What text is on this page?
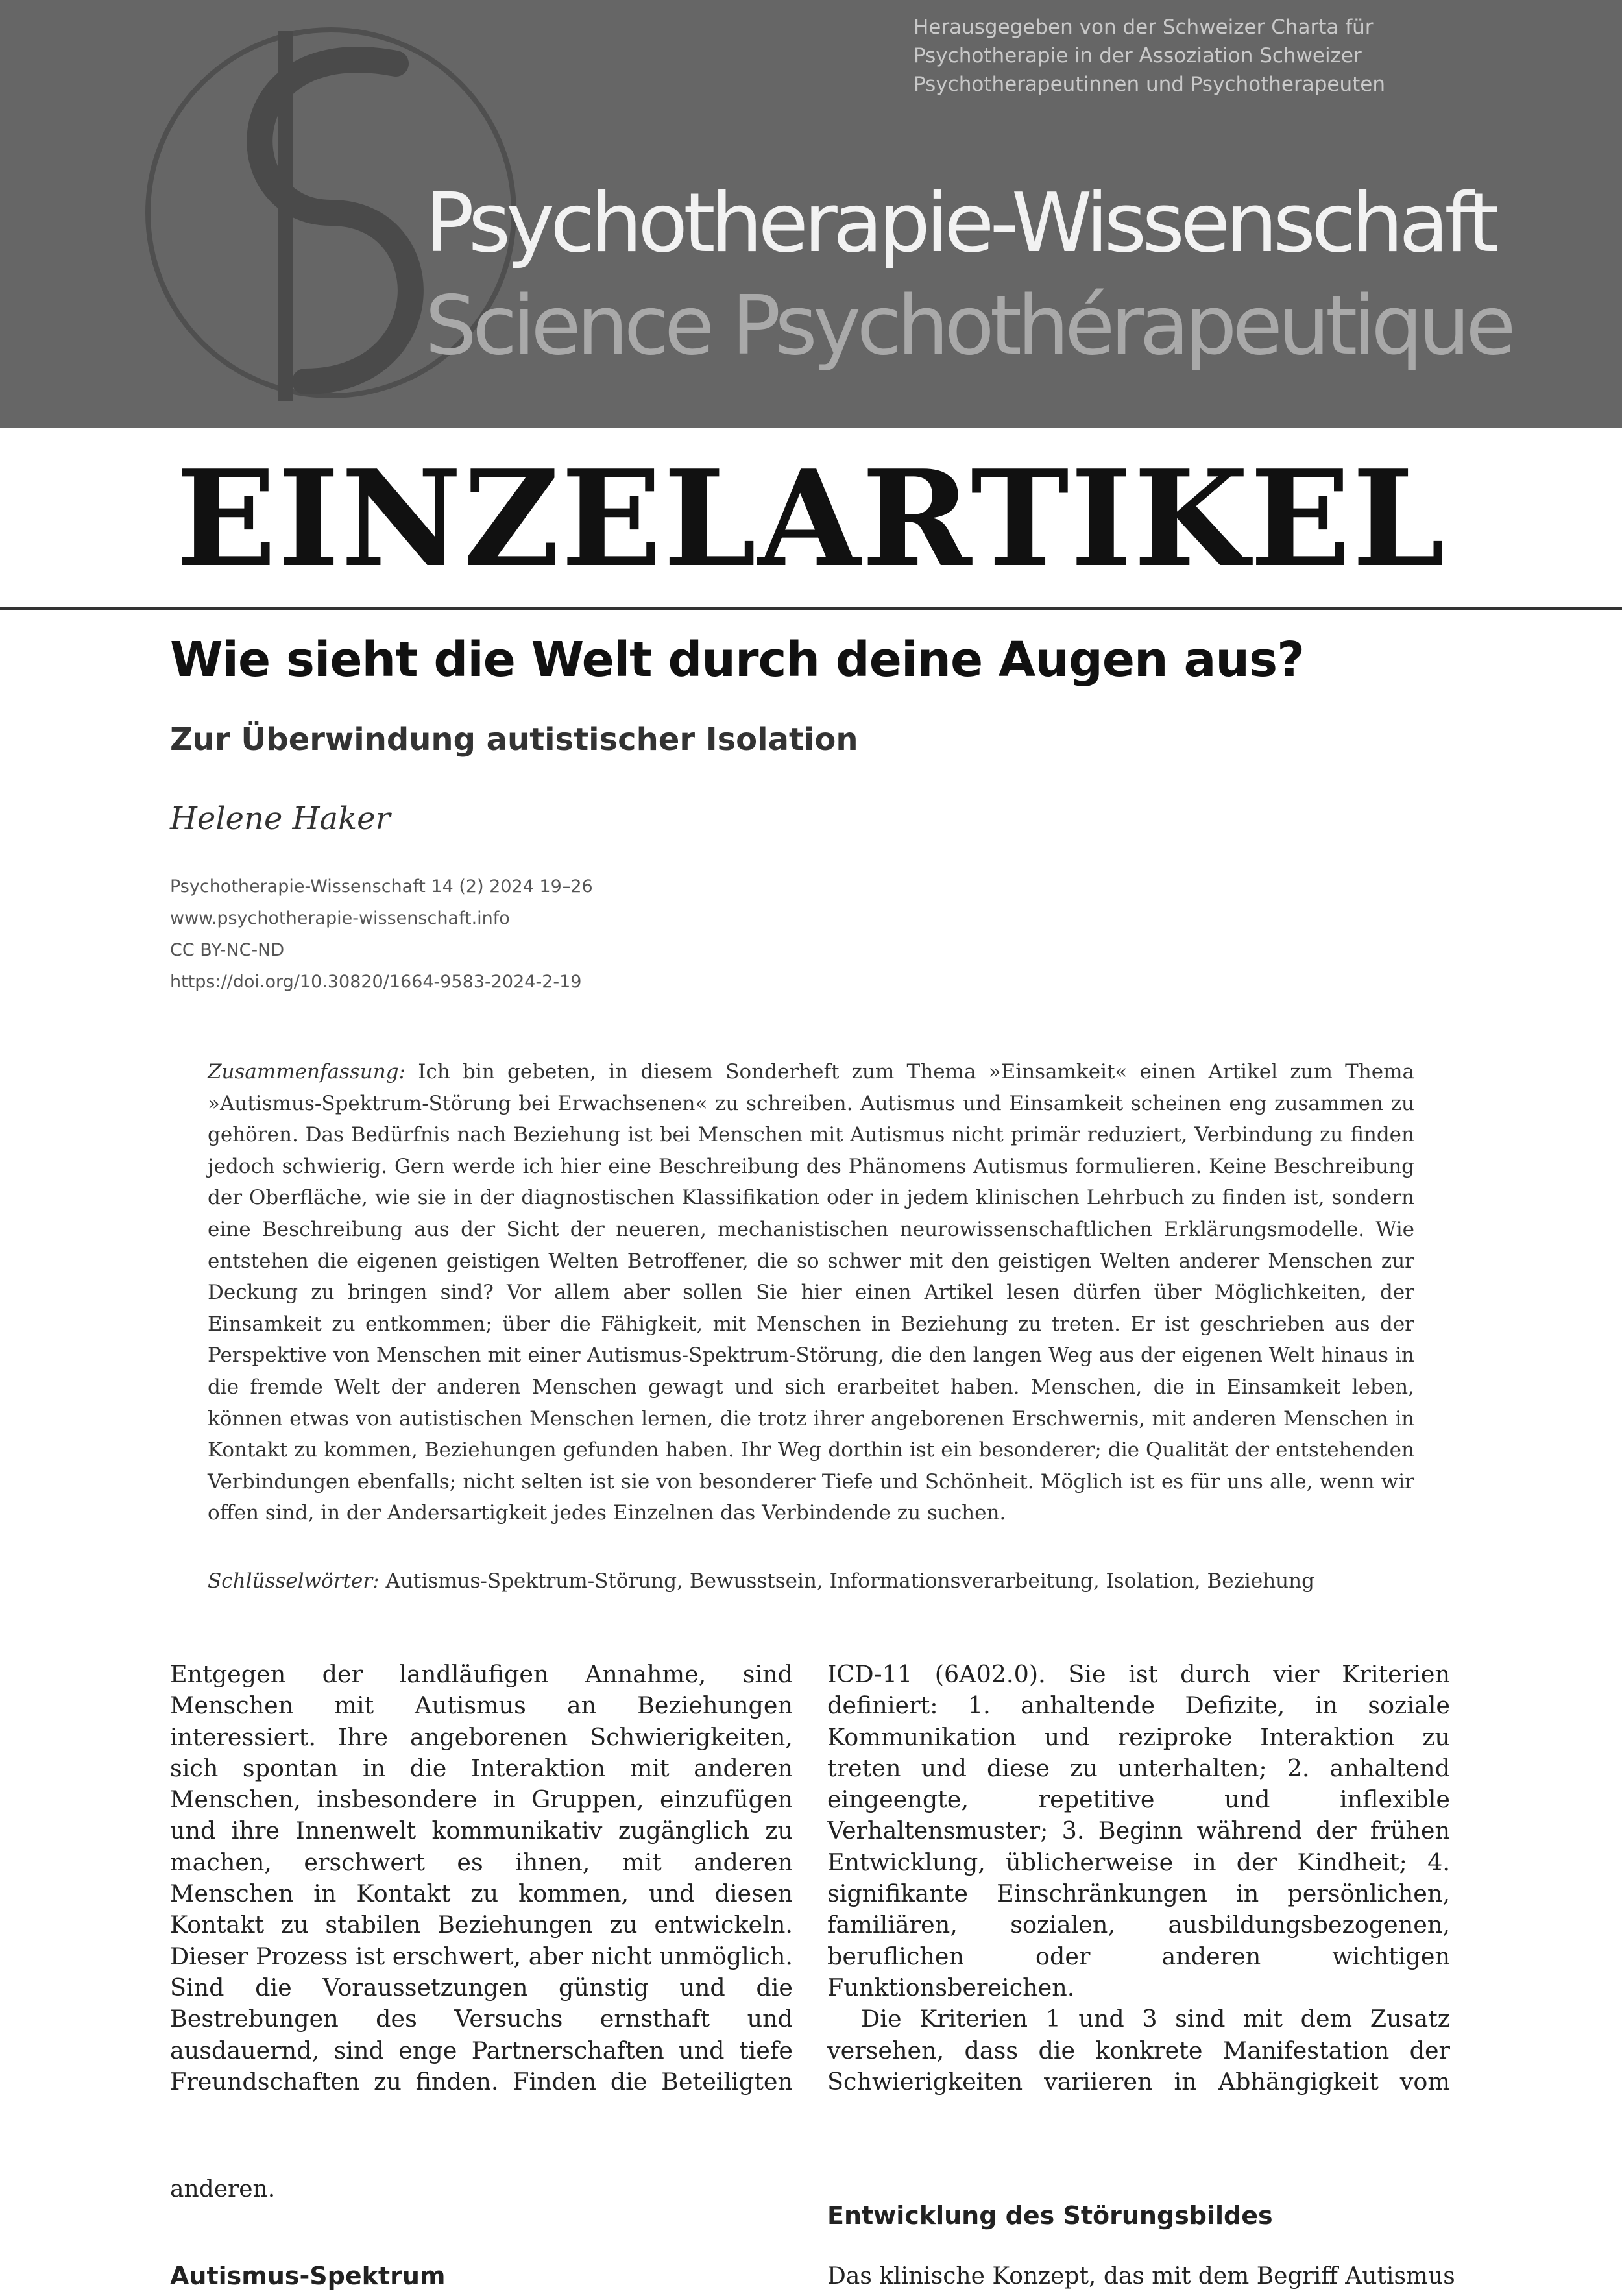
Herausgegeben von der Schweizer Charta für
Psychotherapie in der Assoziation Schweizer
Psychotherapeutinnen und Psychotherapeuten
Psychotherapie-Wissenschaft
Science Psychothérapeutique
EINZELARTIKEL
Wie sieht die Welt durch deine Augen aus?
Zur Überwindung autistischer Isolation
Helene Haker
Psychotherapie-Wissenschaft 14 (2) 2024 19–26
www.psychotherapie-wissenschaft.info
CC BY-NC-ND
https://doi.org/10.30820/1664-9583-2024-2-19
Zusammenfassung: Ich bin gebeten, in diesem Sonderheft zum Thema »Einsamkeit« einen Artikel zum Thema »Autismus-Spektrum-Störung bei Erwachsenen« zu schreiben. Autismus und Einsamkeit scheinen eng zusammen zu gehören. Das Bedürfnis nach Beziehung ist bei Menschen mit Autismus nicht primär reduziert, Verbindung zu finden jedoch schwierig. Gern werde ich hier eine Beschreibung des Phänomens Autismus formulieren. Keine Beschreibung der Oberfläche, wie sie in der diagnostischen Klassifikation oder in jedem klinischen Lehrbuch zu finden ist, sondern eine Beschreibung aus der Sicht der neueren, mechanistischen neurowissenschaftlichen Erklärungsmodelle. Wie entstehen die eigenen geistigen Welten Betroffener, die so schwer mit den geistigen Welten anderer Menschen zur Deckung zu bringen sind? Vor allem aber sollen Sie hier einen Artikel lesen dürfen über Möglichkeiten, der Einsamkeit zu entkommen; über die Fähigkeit, mit Menschen in Beziehung zu treten. Er ist geschrieben aus der Perspektive von Menschen mit einer Autismus-Spektrum-Störung, die den langen Weg aus der eigenen Welt hinaus in die fremde Welt der anderen Menschen gewagt und sich erarbeitet haben. Menschen, die in Einsamkeit leben, können etwas von autistischen Menschen lernen, die trotz ihrer angeborenen Erschwernis, mit anderen Menschen in Kontakt zu kommen, Beziehungen gefunden haben. Ihr Weg dorthin ist ein besonderer; die Qualität der entstehenden Verbindungen ebenfalls; nicht selten ist sie von besonderer Tiefe und Schönheit. Möglich ist es für uns alle, wenn wir offen sind, in der Andersartigkeit jedes Einzelnen das Verbindende zu suchen.
Schlüsselwörter: Autismus-Spektrum-Störung, Bewusstsein, Informationsverarbeitung, Isolation, Beziehung

Entgegen der landläufigen Annahme, sind Menschen mit Autismus an Beziehungen interessiert. Ihre angeborenen Schwierigkeiten, sich spontan in die Interaktion mit anderen Menschen, insbesondere in Gruppen, einzufügen und ihre Innenwelt kommunikativ zugänglich zu machen, erschwert es ihnen, mit anderen Menschen in Kontakt zu kommen, und diesen Kontakt zu stabilen Beziehungen zu entwickeln. Dieser Prozess ist erschwert, aber nicht unmöglich. Sind die Voraussetzungen günstig und die Bestrebungen des Versuchs ernsthaft und ausdauernd, sind enge Partnerschaften und tiefe Freundschaften zu finden. Finden die Beteiligten

ICD-11 (6A02.0). Sie ist durch vier Kriterien definiert: 1. anhaltende Defizite, in soziale Kommunikation und reziproke Interaktion zu treten und diese zu unterhalten; 2. anhaltend eingeengte, repetitive und inflexible Verhaltensmuster; 3. Beginn während der frühen Entwicklung, üblicherweise in der Kindheit; 4. signifikante Einschränkungen in persönlichen, familiären, sozialen, ausbildungsbezogenen, beruflichen oder anderen wichtigen Funktionsbereichen.

Die Kriterien 1 und 3 sind mit dem Zusatz versehen, dass die konkrete Manifestation der Schwierigkeiten variieren in Abhängigkeit vom

anderen.
Autismus-Spektrum
Entwicklung des Störungsbildes
Das klinische Konzept, das mit dem Begriff Autismus
